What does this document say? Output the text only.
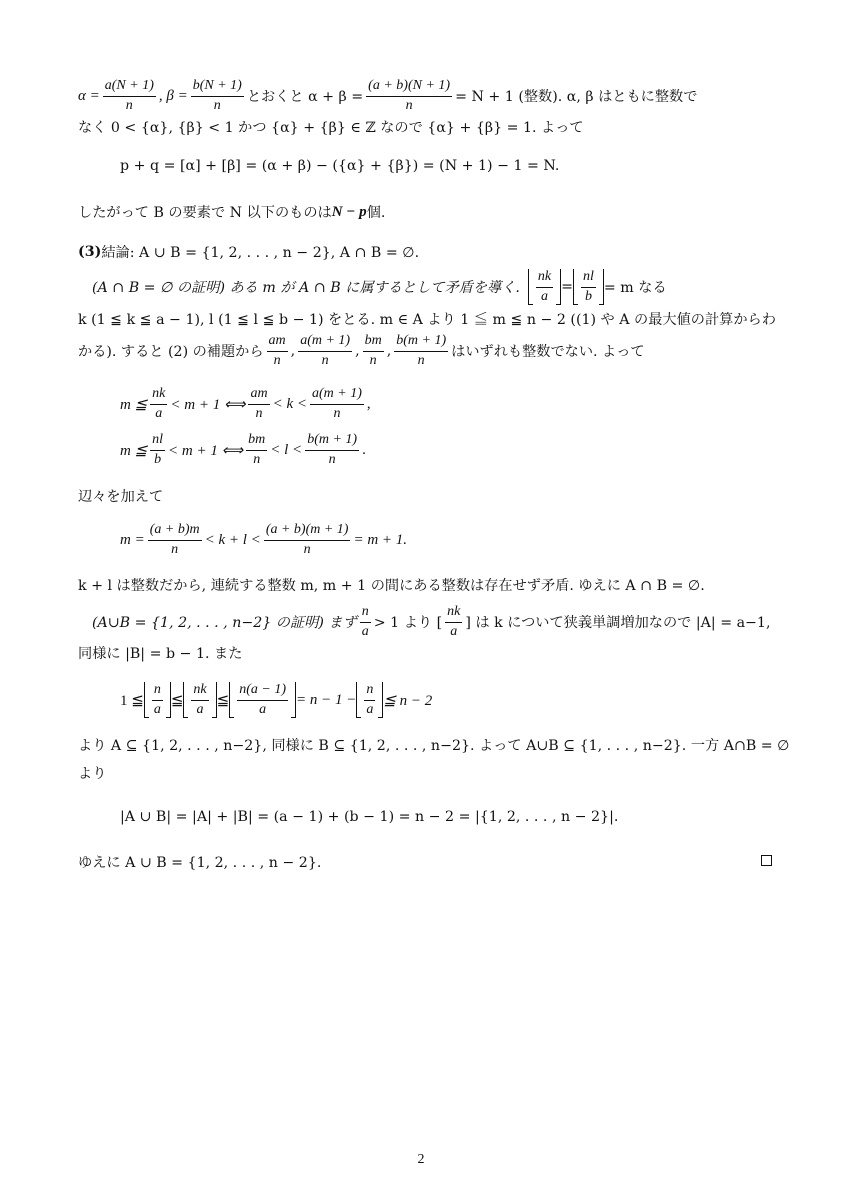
$\alpha = \frac{a(N + 1)}{n}$ , $\beta = \frac{b(N + 1)}{n}$ とおくと $\alpha + \beta = \frac{(a + b)(N + 1)}{n} = N + 1$ (整数). α, β はともに整数で
なく 0 < {α}, {β} < 1 かつ {α} + {β} ∈ ℤ なので {α} + {β} = 1. よって
p + q = [α] + [β] = (α + β) − ({α} + {β}) = (N + 1) − 1 = N.
したがって B の要素で N 以下のものは N − p 個.
(3) 結論: A ∪ B = {1, 2, . . . , n − 2}, A ∩ B = ∅.
(A ∩ B = ∅ の証明) ある m が A ∩ B に属するとして矛盾を導く. $\frac{nk}{a} = \frac{nl}{b} = m$ なる
k (1 ≦ k ≦ a − 1), l (1 ≦ l ≦ b − 1) をとる. m ∈ A より 1 ≦ m ≦ n − 2 ((1) や A の最大値の計算からわ
かる). すると (2) の補題から $\frac{am}{n}$ , $\frac{a(m + 1)}{n}$ , $\frac{bm}{n}$ , $\frac{b(m + 1)}{n}$ はいずれも整数でない. よって
m ≦ $\frac{nk}{a} < m + 1$ ⟺ $\frac{am}{n} < k < \frac{a(m + 1)}{n}$ ,
m ≦ $\frac{nl}{b} < m + 1$ ⟺ $\frac{bm}{n} < l < \frac{b(m + 1)}{n}$ .
辺々を加えて
$m = \frac{(a + b)m}{n} < k + l < \frac{(a + b)(m + 1)}{n} = m + 1$.
k + l は整数だから, 連続する整数 m, m + 1 の間にある整数は存在せず矛盾. ゆえに A ∩ B = ∅.
(A∪B = {1, 2, . . . , n−2} の証明) まず $\frac{n}{a} > 1$ より [ $\frac{nk}{a}$ ] は k について狭義単調増加なので |A| = a−1,
同様に |B| = b − 1. また
1 ≦ $\frac{n}{a}$ ≦ $\frac{nk}{a}$ ≦ $\frac{n(a - 1)}{a} = n - 1 - \frac{n}{a}$ ≦ n − 2
より A ⊆ {1, 2, . . . , n−2}, 同様に B ⊆ {1, 2, . . . , n−2}. よって A∪B ⊆ {1, . . . , n−2}. 一方 A∩B = ∅
より
|A ∪ B| = |A| + |B| = (a − 1) + (b − 1) = n − 2 = |{1, 2, . . . , n − 2}|.
ゆえに A ∪ B = {1, 2, . . . , n − 2}.
2
